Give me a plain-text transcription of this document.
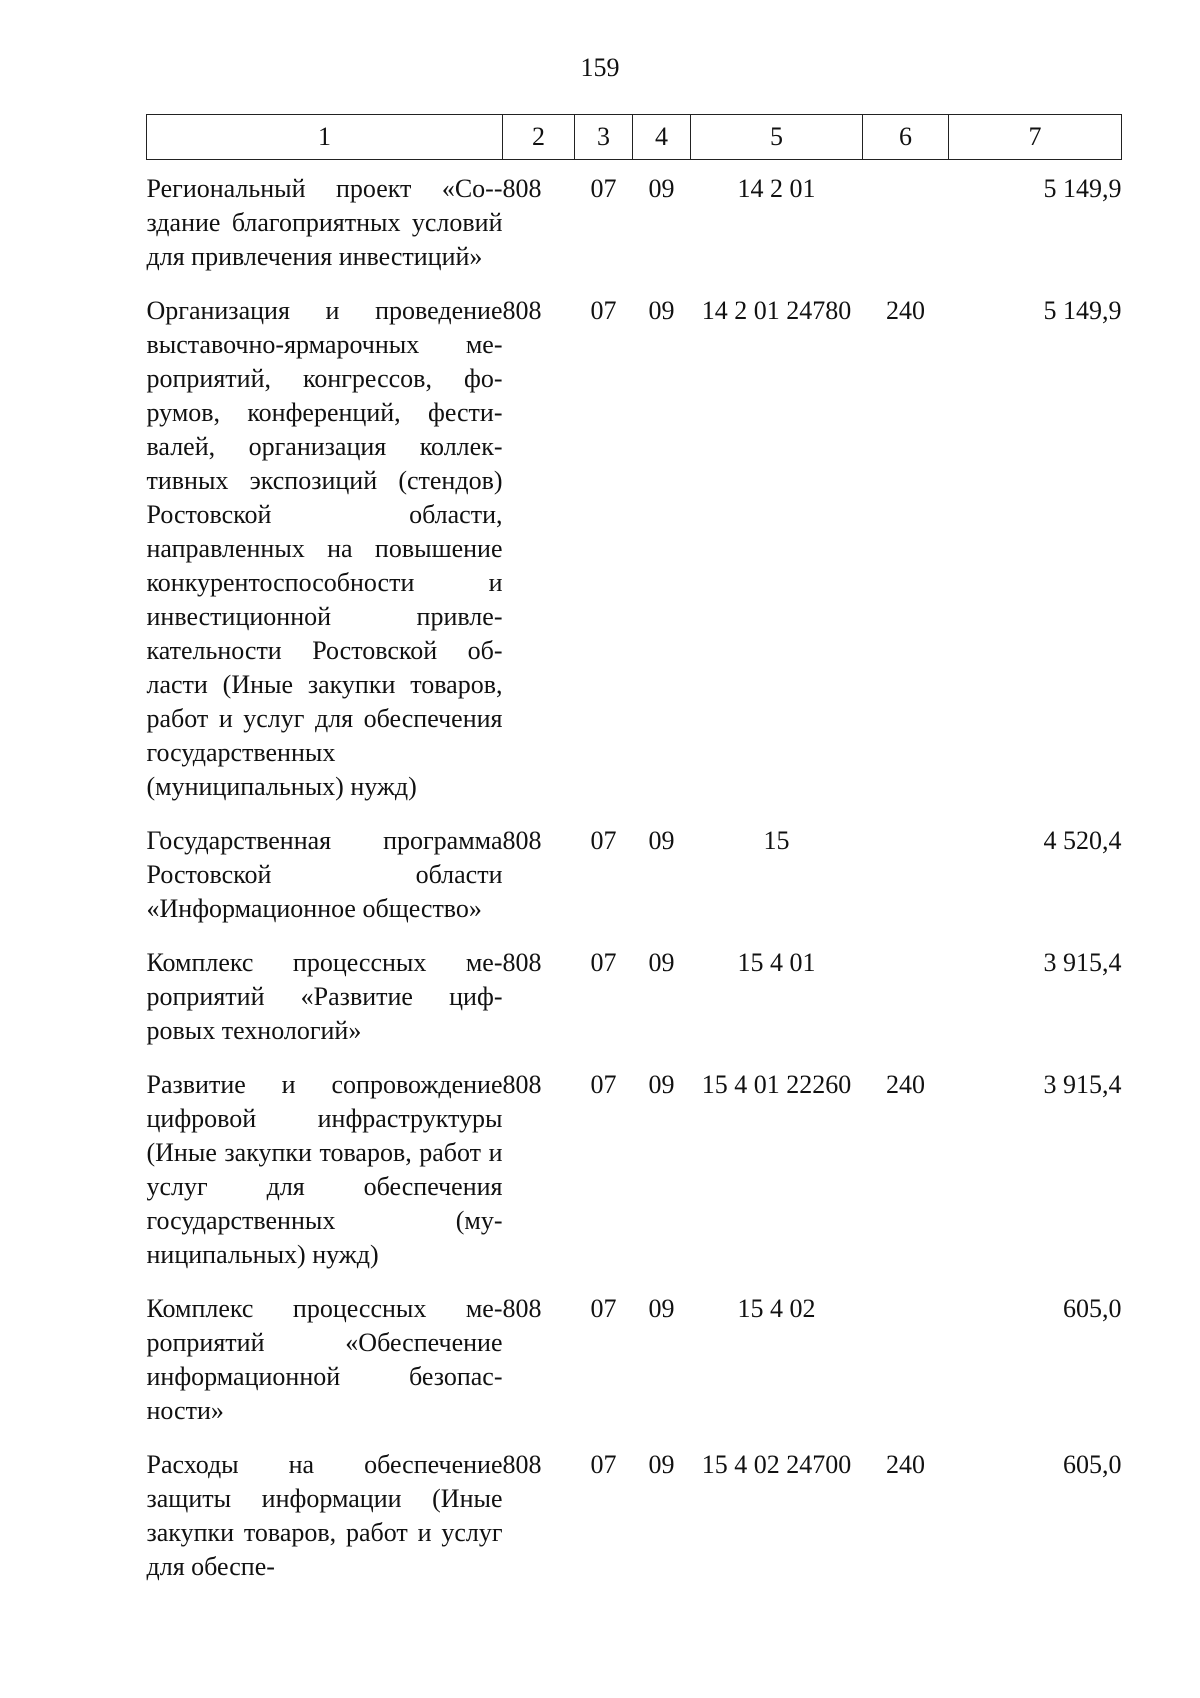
159
1	2	3	4	5	6	7
Региональный проект «Со-здание благоприятных условий для привлечения инвестиций»	808	07	09	14 2 01		5 149,9
Организация и проведение выставочно-ярмарочных мероприятий, конгрессов, форумов, конференций, фестивалей, организация коллективных экспозиций (стендов) Ростовской области, направленных на повышение конкурентоспособности и инвестиционной привлекательности Ростовской области (Иные закупки товаров, работ и услуг для обеспечения государственных (муниципальных) нужд)	808	07	09	14 2 01 24780	240	5 149,9
Государственная программа Ростовской области «Информационное общество»	808	07	09	15		4 520,4
Комплекс процессных мероприятий «Развитие цифровых технологий»	808	07	09	15 4 01		3 915,4
Развитие и сопровождение цифровой инфраструктуры (Иные закупки товаров, работ и услуг для обеспечения государственных (муниципальных) нужд)	808	07	09	15 4 01 22260	240	3 915,4
Комплекс процессных мероприятий «Обеспечение информационной безопасности»	808	07	09	15 4 02		605,0
Расходы на обеспечение защиты информации (Иные закупки товаров, работ и услуг для обеспе-	808	07	09	15 4 02 24700	240	605,0
